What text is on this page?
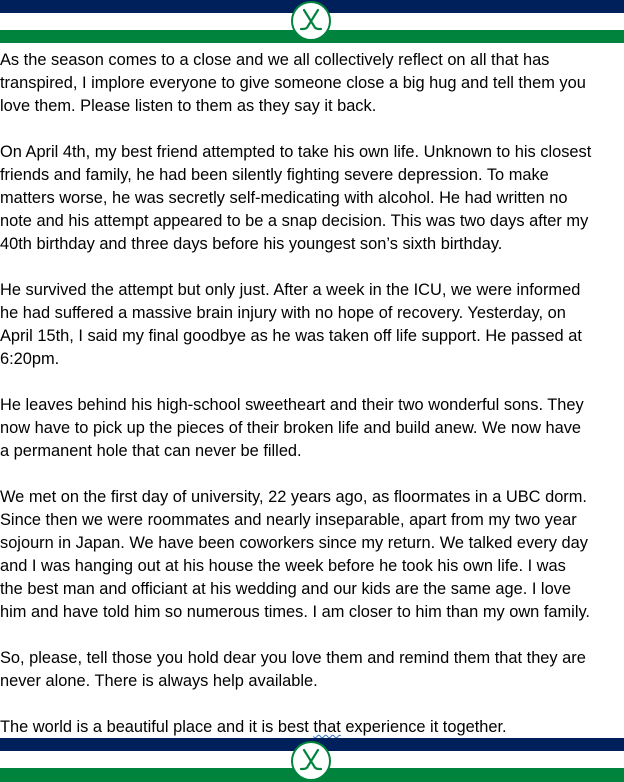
As the season comes to a close and we all collectively reflect on all that has
transpired, I implore everyone to give someone close a big hug and tell them you
love them. Please listen to them as they say it back.

On April 4th, my best friend attempted to take his own life. Unknown to his closest
friends and family, he had been silently fighting severe depression. To make
matters worse, he was secretly self-medicating with alcohol. He had written no
note and his attempt appeared to be a snap decision. This was two days after my
40th birthday and three days before his youngest son’s sixth birthday.

He survived the attempt but only just. After a week in the ICU, we were informed
he had suffered a massive brain injury with no hope of recovery. Yesterday, on
April 15th, I said my final goodbye as he was taken off life support. He passed at
6:20pm.

He leaves behind his high-school sweetheart and their two wonderful sons. They
now have to pick up the pieces of their broken life and build anew. We now have
a permanent hole that can never be filled.

We met on the first day of university, 22 years ago, as floormates in a UBC dorm.
Since then we were roommates and nearly inseparable, apart from my two year
sojourn in Japan. We have been coworkers since my return. We talked every day
and I was hanging out at his house the week before he took his own life. I was
the best man and officiant at his wedding and our kids are the same age. I love
him and have told him so numerous times. I am closer to him than my own family.

So, please, tell those you hold dear you love them and remind them that they are
never alone. There is always help available.

The world is a beautiful place and it is best that experience it together.
